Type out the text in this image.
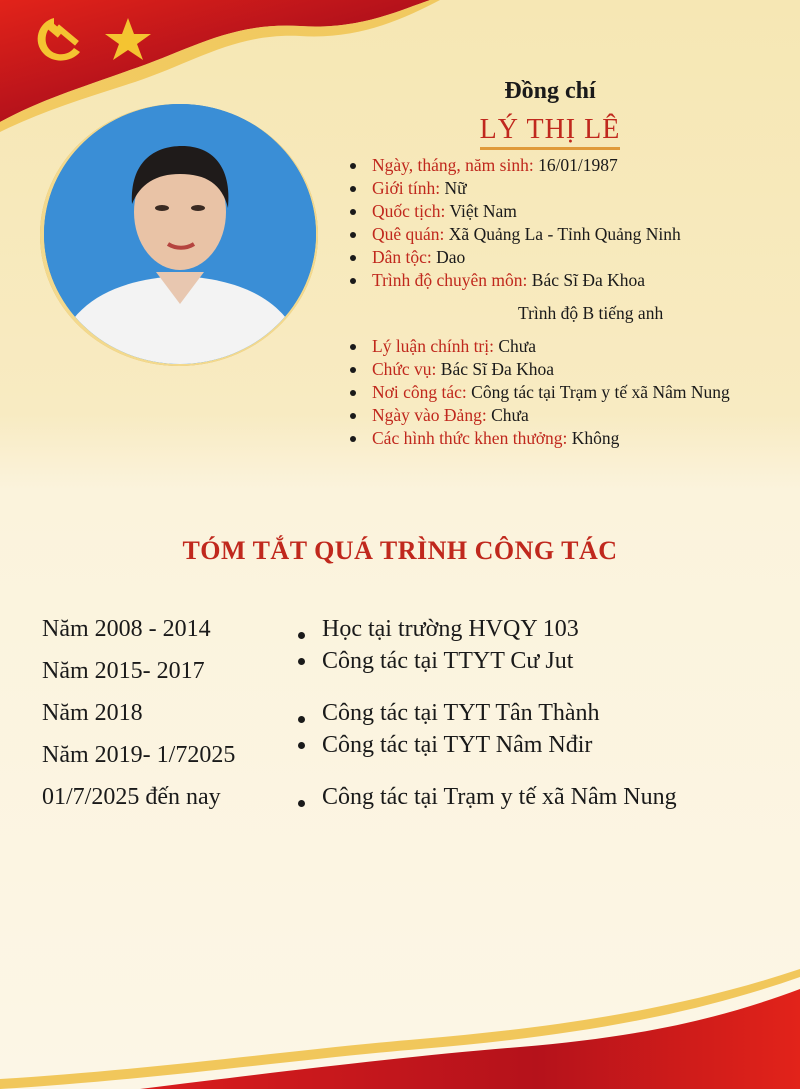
Đồng chí
LÝ THỊ LÊ
Ngày, tháng, năm sinh: 16/01/1987
Giới tính: Nữ
Quốc tịch: Việt Nam
Quê quán: Xã Quảng La - Tỉnh Quảng Ninh
Dân tộc: Dao
Trình độ chuyên môn: Bác Sĩ Đa Khoa
Trình độ B tiếng anh
Lý luận chính trị: Chưa
Chức vụ: Bác Sĩ Đa Khoa
Nơi công tác: Công tác tại Trạm y tế xã Nâm Nung
Ngày vào Đảng: Chưa
Các hình thức khen thưởng: Không
TÓM TẮT QUÁ TRÌNH CÔNG TÁC
Năm 2008 - 2014	Học tại trường HVQY 103
Năm 2015- 2017	Công tác tại TTYT Cư Jut
Năm 2018	Công tác tại TYT Tân Thành
Năm 2019- 1/72025	Công tác tại TYT Nâm Nđir
01/7/2025 đến nay	Công tác tại Trạm y tế xã Nâm Nung
